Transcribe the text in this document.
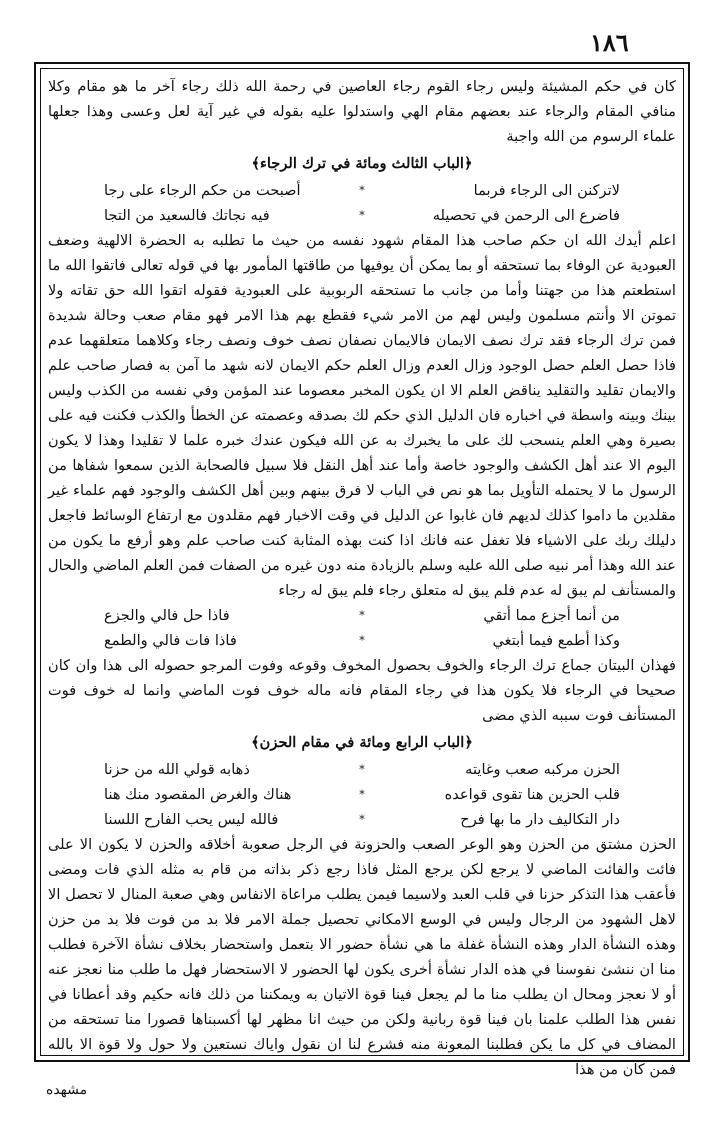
١٨٦

كان في حكم المشيئة وليس رجاء القوم رجاء العاصين في رحمة الله ذلك رجاء آخر ما هو مقام وكلا منافي المقام والرجاء عند بعضهم مقام الهي واستدلوا عليه بقوله في غير آية لعل وعسى وهذا جعلها علماء الرسوم من الله واجبة

﴿الباب الثالث ومائة في ترك الرجاء﴾
لاتركنن الى الرجاء فربما
*
أصبحت من حكم الرجاء على رجا
فاضرع الى الرحمن في تحصيله
*
فيه نجاتك فالسعيد من التجا

اعلم أيدك الله ان حكم صاحب هذا المقام شهود نفسه من حيث ما تطلبه به الحضرة الالهية وضعف العبودية عن الوفاء بما تستحقه أو بما يمكن أن يوفيها من طاقتها المأمور بها في قوله تعالى فاتقوا الله ما استطعتم هذا من جهتنا وأما من جانب ما تستحقه الربوبية على العبودية فقوله اتقوا الله حق تقاته ولا تموتن الا وأنتم مسلمون وليس لهم من الامر شيء فقطع بهم هذا الامر فهو مقام صعب وحالة شديدة فمن ترك الرجاء فقد ترك نصف الايمان فالايمان نصفان نصف خوف ونصف رجاء وكلاهما متعلقهما عدم فاذا حصل العلم حصل الوجود وزال العدم وزال العلم حكم الايمان لانه شهد ما آمن به فصار صاحب علم والايمان تقليد والتقليد يناقض العلم الا ان يكون المخبر معصوما عند المؤمن وفي نفسه من الكذب وليس بينك وبينه واسطة في اخباره فان الدليل الذي حكم لك بصدقه وعصمته عن الخطأ والكذب فكنت فيه على بصيرة وهي العلم ينسحب لك على ما يخبرك به عن الله فيكون عندك خبره علما لا تقليدا وهذا لا يكون اليوم الا عند أهل الكشف والوجود خاصة وأما عند أهل النقل فلا سبيل فالصحابة الذين سمعوا شفاها من الرسول ما لا يحتمله التأويل بما هو نص في الباب لا فرق بينهم وبين أهل الكشف والوجود فهم علماء غير مقلدين ما داموا كذلك لديهم فان غابوا عن الدليل في وقت الاخبار فهم مقلدون مع ارتفاع الوسائط فاجعل دليلك ربك على الاشياء فلا تغفل عنه فانك اذا كنت بهذه المثابة كنت صاحب علم وهو أرفع ما يكون من عند الله وهذا أمر نبيه صلى الله عليه وسلم بالزيادة منه دون غيره من الصفات فمن العلم الماضي والحال والمستأنف لم يبق له عدم فلم يبق له متعلق رجاء فلم يبق له رجاء

من أنما أجزع مما أتقي
*
فاذا حل فالي والجزع
وكذا أطمع فيما أبتغي
*
فاذا فات فالي والطمع

فهذان البيتان جماع ترك الرجاء والخوف بحصول المخوف وقوعه وفوت المرجو حصوله الى هذا وان كان صحيحا في الرجاء فلا يكون هذا في رجاء المقام فانه ماله خوف فوت الماضي وانما له خوف فوت المستأنف فوت سببه الذي مضى

﴿الباب الرابع ومائة في مقام الحزن﴾
الحزن مركبه صعب وغايته
*
ذهابه قولي الله من حزنا
قلب الحزين هنا تقوى قواعده
*
هناك والغرض المقصود منك هنا
دار التكاليف دار ما بها فرح
*
فالله ليس يحب الفارح اللسنا

الحزن مشتق من الحزن وهو الوعر الصعب والحزونة في الرجل صعوبة أخلاقه والحزن لا يكون الا على فائت والفائت الماضي لا يرجع لكن يرجع المثل فاذا رجع ذكر بذاته من قام به مثله الذي فات ومضى فأعقب هذا التذكر حزنا في قلب العبد ولاسيما فيمن يطلب مراعاة الانفاس وهي صعبة المنال لا تحصل الا لاهل الشهود من الرجال وليس في الوسع الامكاني تحصيل جملة الامر فلا بد من فوت فلا بد من حزن وهذه النشأة الدار وهذه النشأة غفلة ما هي نشأة حضور الا بتعمل واستحضار بخلاف نشأة الآخرة فطلب منا ان ننشئ نفوسنا في هذه الدار نشأة أخرى يكون لها الحضور لا الاستحضار فهل ما طلب منا نعجز عنه أو لا نعجز ومحال ان يطلب منا ما لم يجعل فينا قوة الاتيان به ويمكننا من ذلك فانه حكيم وقد أعطانا في نفس هذا الطلب علمنا بان فينا قوة ربانية ولكن من حيث انا مظهر لها أكسبناها قصورا منا تستحقه من المضاف في كل ما يكن فطلبنا المعونة منه فشرع لنا ان نقول واياك نستعين ولا حول ولا قوة الا بالله فمن كان من هذا

مشهده
